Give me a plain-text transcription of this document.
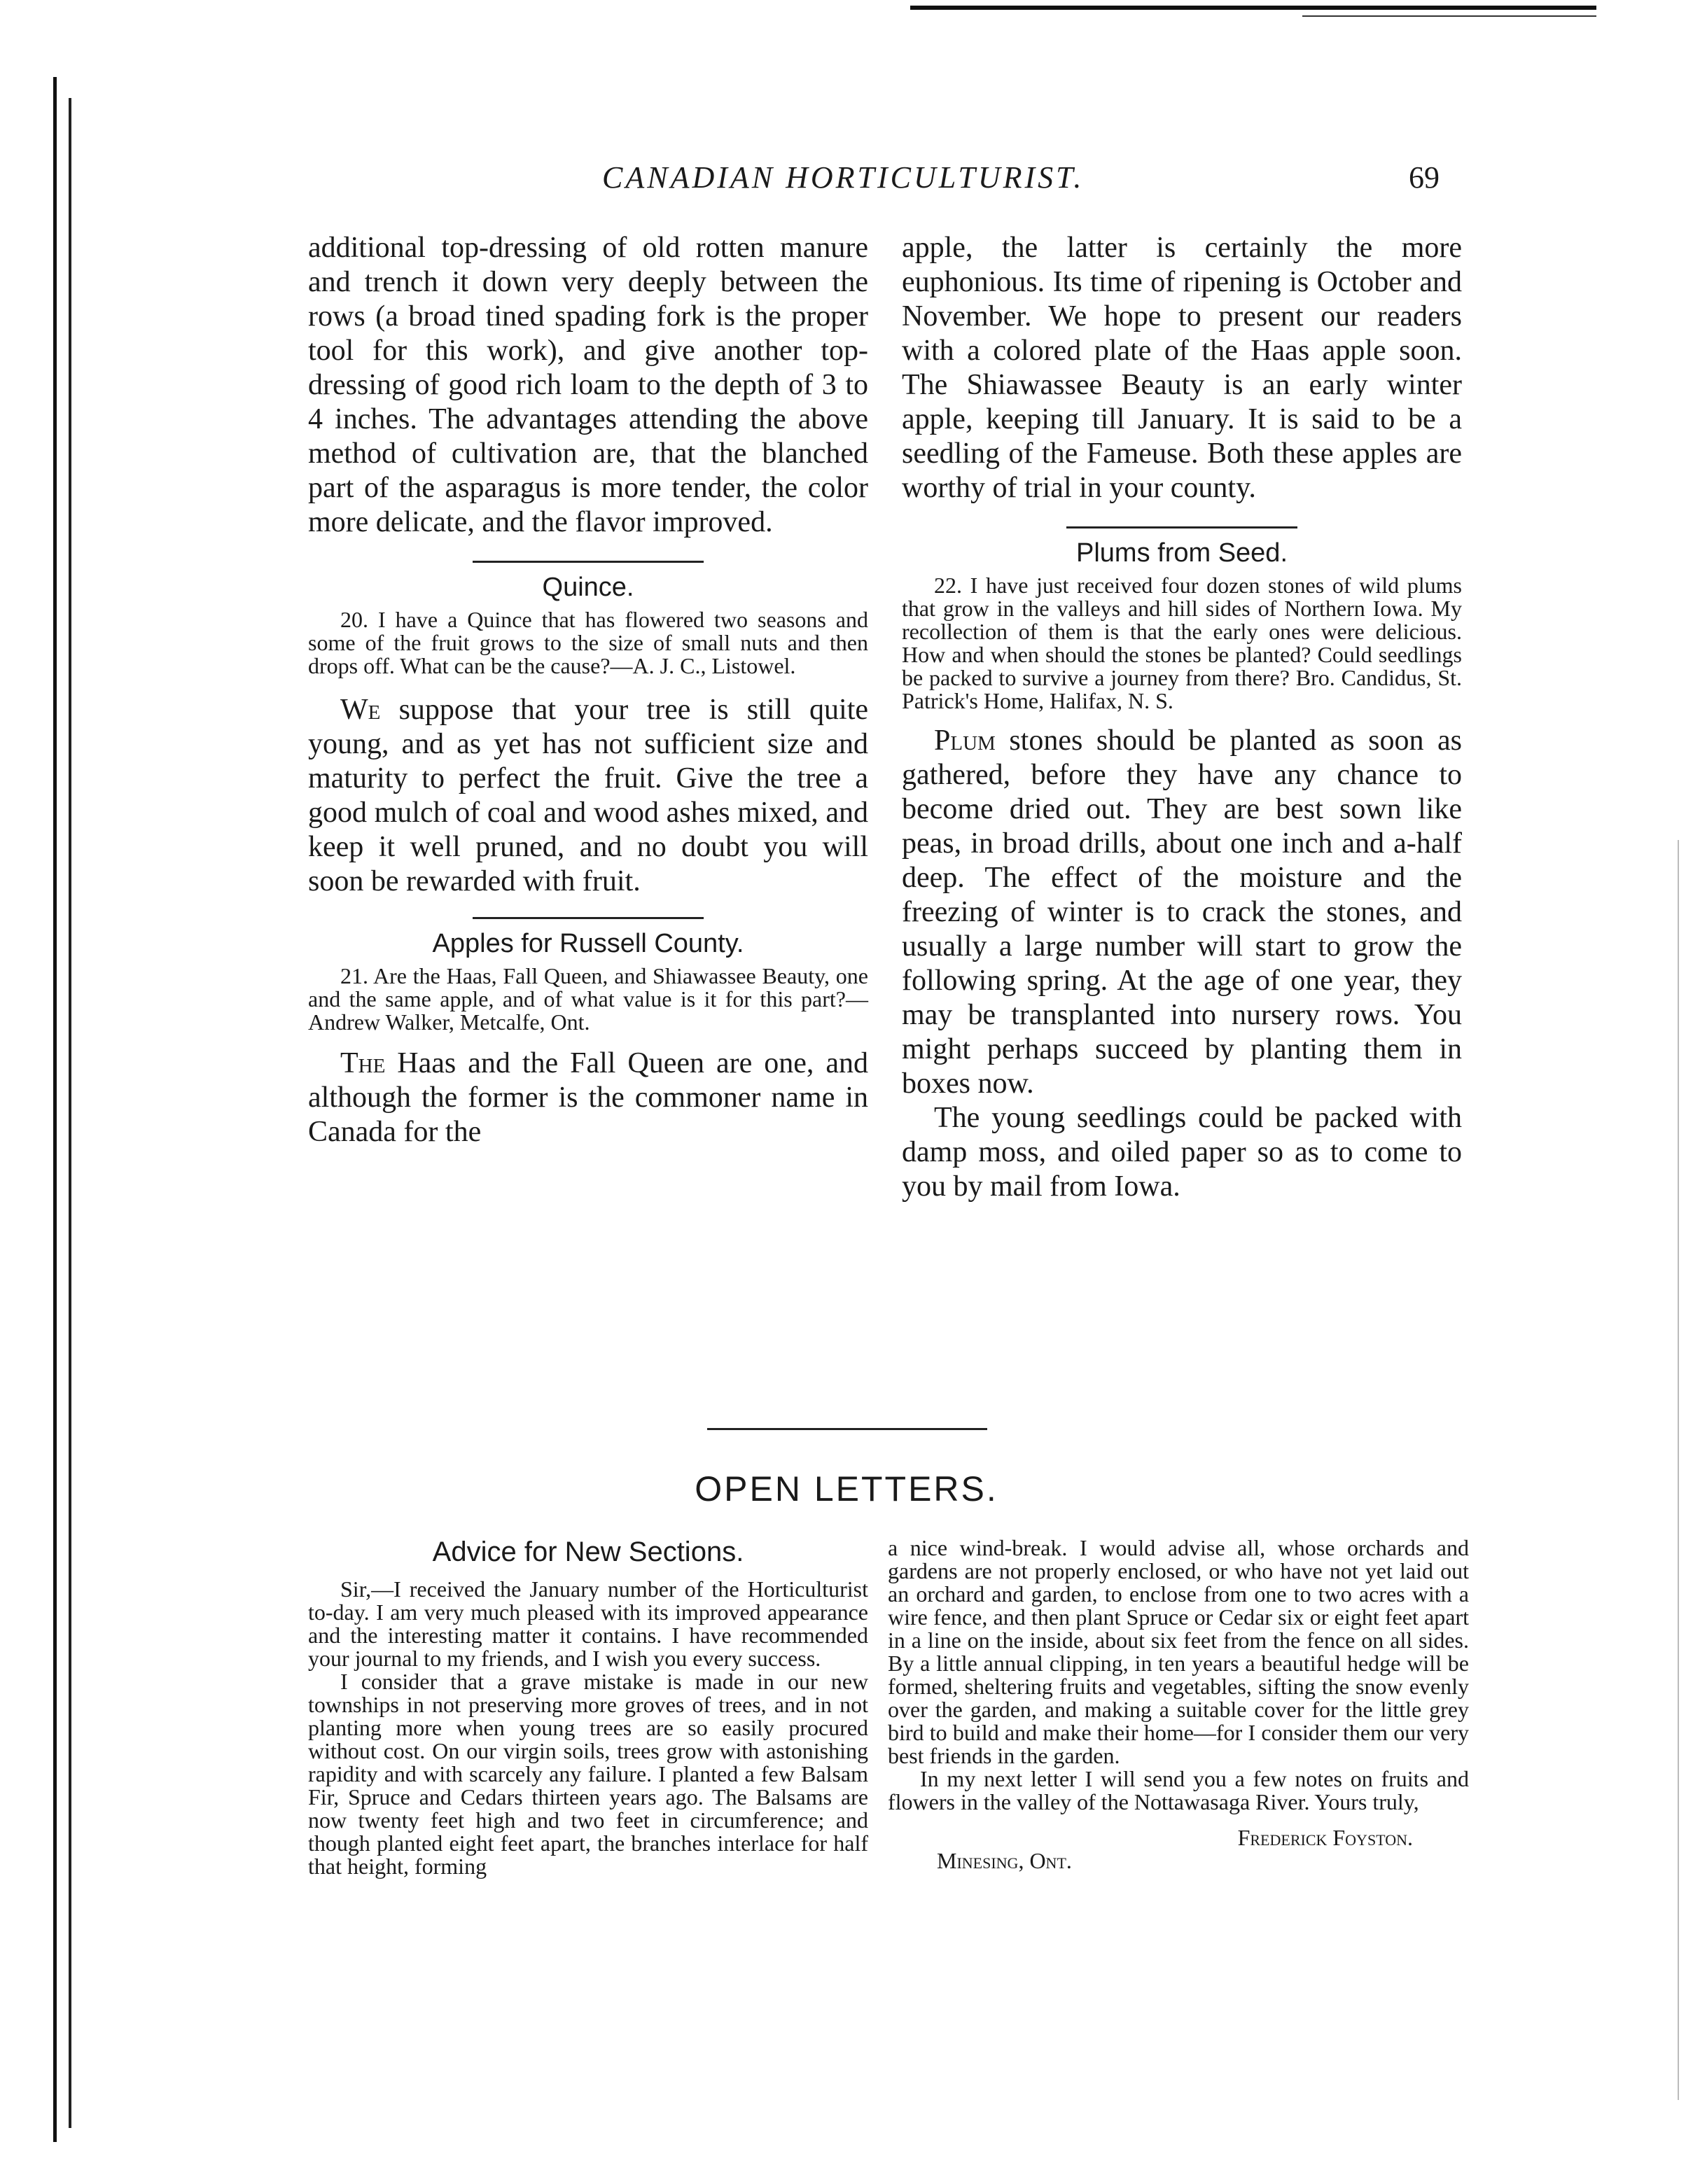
CANADIAN HORTICULTURIST.	69

additional top-dressing of old rotten manure and trench it down very deeply between the rows (a broad tined spading fork is the proper tool for this work), and give another top-dressing of good rich loam to the depth of 3 to 4 inches. The advantages attending the above method of cultivation are, that the blanched part of the asparagus is more tender, the color more delicate, and the flavor improved.

Quince.

20. I have a Quince that has flowered two seasons and some of the fruit grows to the size of small nuts and then drops off. What can be the cause?—A. J. C., Listowel.

We suppose that your tree is still quite young, and as yet has not sufficient size and maturity to perfect the fruit. Give the tree a good mulch of coal and wood ashes mixed, and keep it well pruned, and no doubt you will soon be rewarded with fruit.

Apples for Russell County.

21. Are the Haas, Fall Queen, and Shiawassee Beauty, one and the same apple, and of what value is it for this part?—Andrew Walker, Metcalfe, Ont.

The Haas and the Fall Queen are one, and although the former is the commoner name in Canada for the

apple, the latter is certainly the more euphonious. Its time of ripening is October and November. We hope to present our readers with a colored plate of the Haas apple soon. The Shiawassee Beauty is an early winter apple, keeping till January. It is said to be a seedling of the Fameuse. Both these apples are worthy of trial in your county.

Plums from Seed.

22. I have just received four dozen stones of wild plums that grow in the valleys and hill sides of Northern Iowa. My recollection of them is that the early ones were delicious. How and when should the stones be planted? Could seedlings be packed to survive a journey from there? Bro. Candidus, St. Patrick's Home, Halifax, N. S.

Plum stones should be planted as soon as gathered, before they have any chance to become dried out. They are best sown like peas, in broad drills, about one inch and a-half deep. The effect of the moisture and the freezing of winter is to crack the stones, and usually a large number will start to grow the following spring. At the age of one year, they may be transplanted into nursery rows. You might perhaps succeed by planting them in boxes now.

The young seedlings could be packed with damp moss, and oiled paper so as to come to you by mail from Iowa.

OPEN LETTERS.

Advice for New Sections.

Sir,—I received the January number of the Horticulturist to-day. I am very much pleased with its improved appearance and the interesting matter it contains. I have recommended your journal to my friends, and I wish you every success.

I consider that a grave mistake is made in our new townships in not preserving more groves of trees, and in not planting more when young trees are so easily procured without cost. On our virgin soils, trees grow with astonishing rapidity and with scarcely any failure. I planted a few Balsam Fir, Spruce and Cedars thirteen years ago. The Balsams are now twenty feet high and two feet in circumference; and though planted eight feet apart, the branches interlace for half that height, forming

a nice wind-break. I would advise all, whose orchards and gardens are not properly enclosed, or who have not yet laid out an orchard and garden, to enclose from one to two acres with a wire fence, and then plant Spruce or Cedar six or eight feet apart in a line on the inside, about six feet from the fence on all sides. By a little annual clipping, in ten years a beautiful hedge will be formed, sheltering fruits and vegetables, sifting the snow evenly over the garden, and making a suitable cover for the little grey bird to build and make their home—for I consider them our very best friends in the garden.

In my next letter I will send you a few notes on fruits and flowers in the valley of the Nottawasaga River. Yours truly,

Frederick Foyston.

Minesing, Ont.
